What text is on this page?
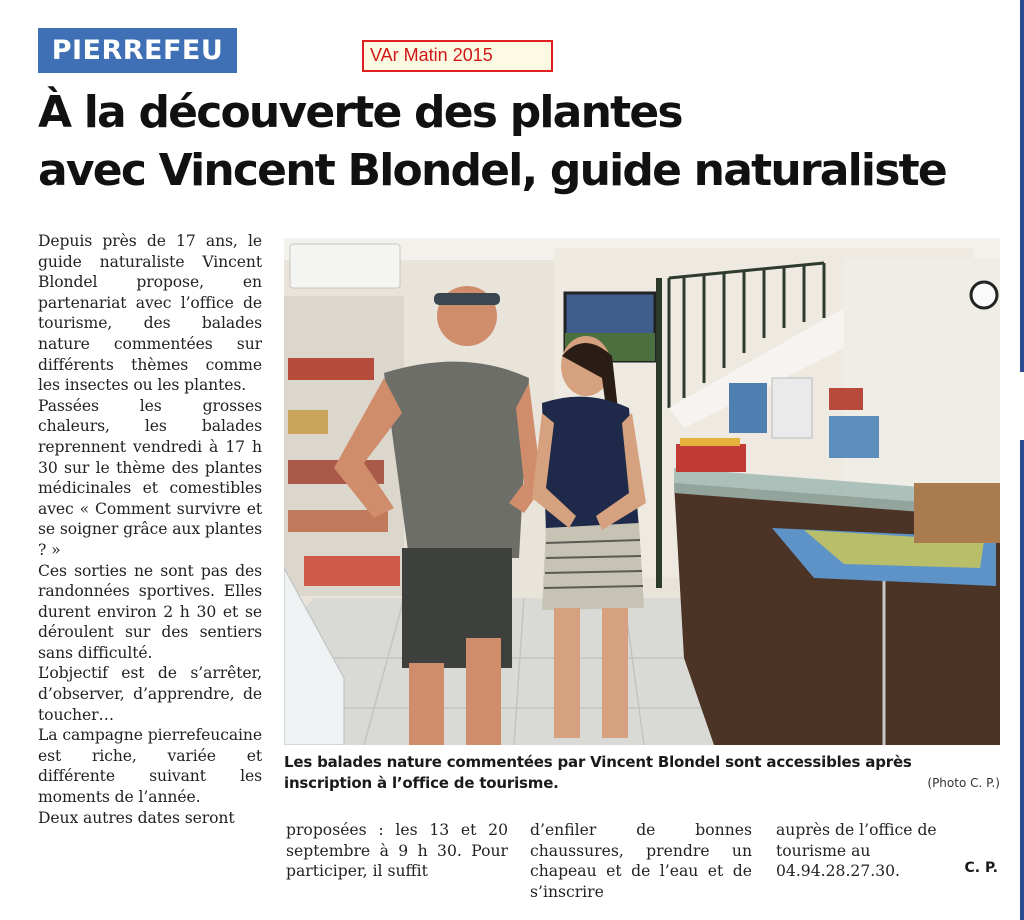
PIERREFEU	VAr Matin 2015
À la découverte des plantes
avec Vincent Blondel, guide naturaliste

Depuis près de 17 ans, le guide naturaliste Vincent Blondel propose, en partenariat avec l’office de tourisme, des balades nature commentées sur différents thèmes comme les insectes ou les plantes.

Passées les grosses chaleurs, les balades reprennent vendredi à 17 h 30 sur le thème des plantes médicinales et comestibles avec « Comment survivre et se soigner grâce aux plantes ? »

Ces sorties ne sont pas des randonnées sportives. Elles durent environ 2 h 30 et se déroulent sur des sentiers sans difficulté.

L’objectif est de s’arrêter, d’observer, d’apprendre, de toucher…

La campagne pierrefeucaine est riche, variée et différente suivant les moments de l’année.

Deux autres dates seront

Les balades nature commentées par Vincent Blondel sont accessibles après inscription à l’office de tourisme.	(Photo C. P.)

proposées : les 13 et 20 septembre à 9 h 30. Pour participer, il suffit

d’enfiler de bonnes chaussures, prendre un chapeau et de l’eau et de s’inscrire

auprès de l’office de tourisme au 04.94.28.27.30.	C. P.
